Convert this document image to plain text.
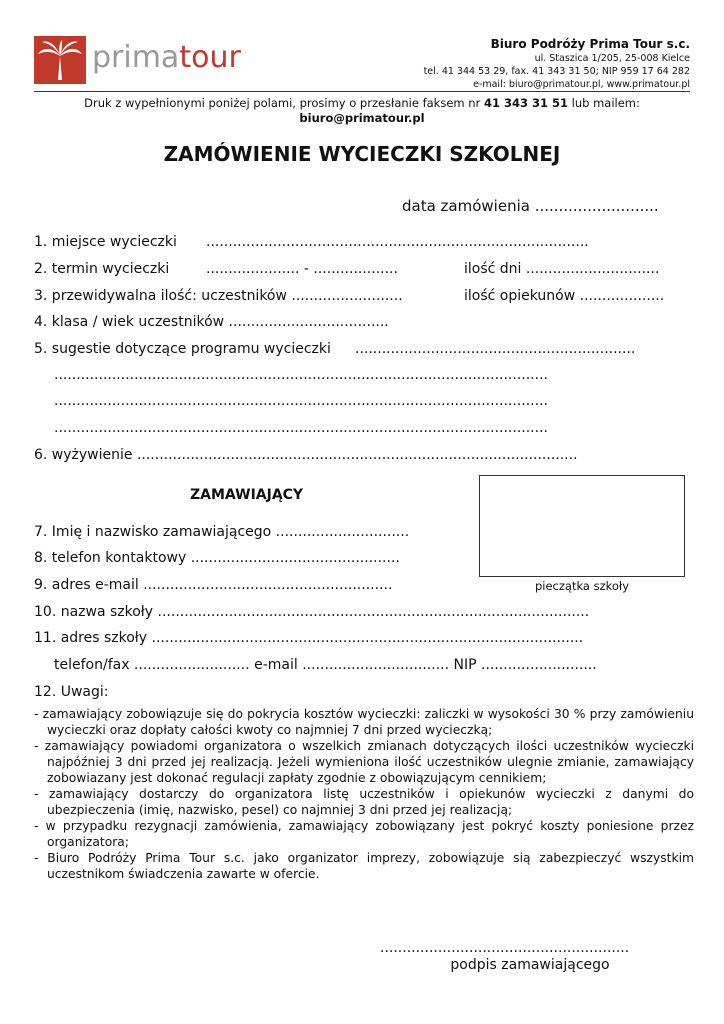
primatour	Biuro Podróży Prima Tour s.c.
ul. Staszica 1/205, 25-008 Kielce
tel. 41 344 53 29, fax. 41 343 31 50; NIP 959 17 64 282
e-mail: biuro@primatour.pl, www.primatour.pl
Druk z wypełnionymi poniżej polami, prosimy o przesłanie faksem nr 41 343 31 51 lub mailem:
biuro@primatour.pl
ZAMÓWIENIE WYCIECZKI SZKOLNEJ
data zamówienia ..........................
1. miejsce wycieczki ......................................................................................
2. termin wycieczki	..................... - ...................	ilość dni ..............................
3. przewidywalna ilość: uczestników .........................	ilość opiekunów ...................
4. klasa / wiek uczestników ....................................
5. sugestie dotyczące programu wycieczki ...............................................................
...............................................................................................................
...............................................................................................................
...............................................................................................................
6. wyżywienie ...................................................................................................
ZAMAWIAJĄCY
pieczątka szkoły
7. Imię i nazwisko zamawiającego ..............................
8. telefon kontaktowy ...............................................
9. adres e-mail ........................................................
10. nazwa szkoły .................................................................................................
11. adres szkoły .................................................................................................
telefon/fax .......................... e-mail ................................. NIP ..........................
12. Uwagi:
- zamawiający zobowiązuje się do pokrycia kosztów wycieczki: zaliczki w wysokości 30 % przy zamówieniu wycieczki oraz dopłaty całości kwoty co najmniej 7 dni przed wycieczką;
- zamawiający powiadomi organizatora o wszelkich zmianach dotyczących ilości uczestników wycieczki najpóźniej 3 dni przed jej realizacją. Jeżeli wymieniona ilość uczestników ulegnie zmianie, zamawiający zobowiazany jest dokonać regulacji zapłaty zgodnie z obowiązującym cennikiem;
- zamawiający dostarczy do organizatora listę uczestników i opiekunów wycieczki z danymi do ubezpieczenia (imię, nazwisko, pesel) co najmniej 3 dni przed jej realizacją;
- w przypadku rezygnacji zamówienia, zamawiający zobowiązany jest pokryć koszty poniesione przez organizatora;
- Biuro Podróży Prima Tour s.c. jako organizator imprezy, zobowiązuje sią zabezpieczyć wszystkim uczestnikom świadczenia zawarte w ofercie.
........................................................
podpis zamawiającego
